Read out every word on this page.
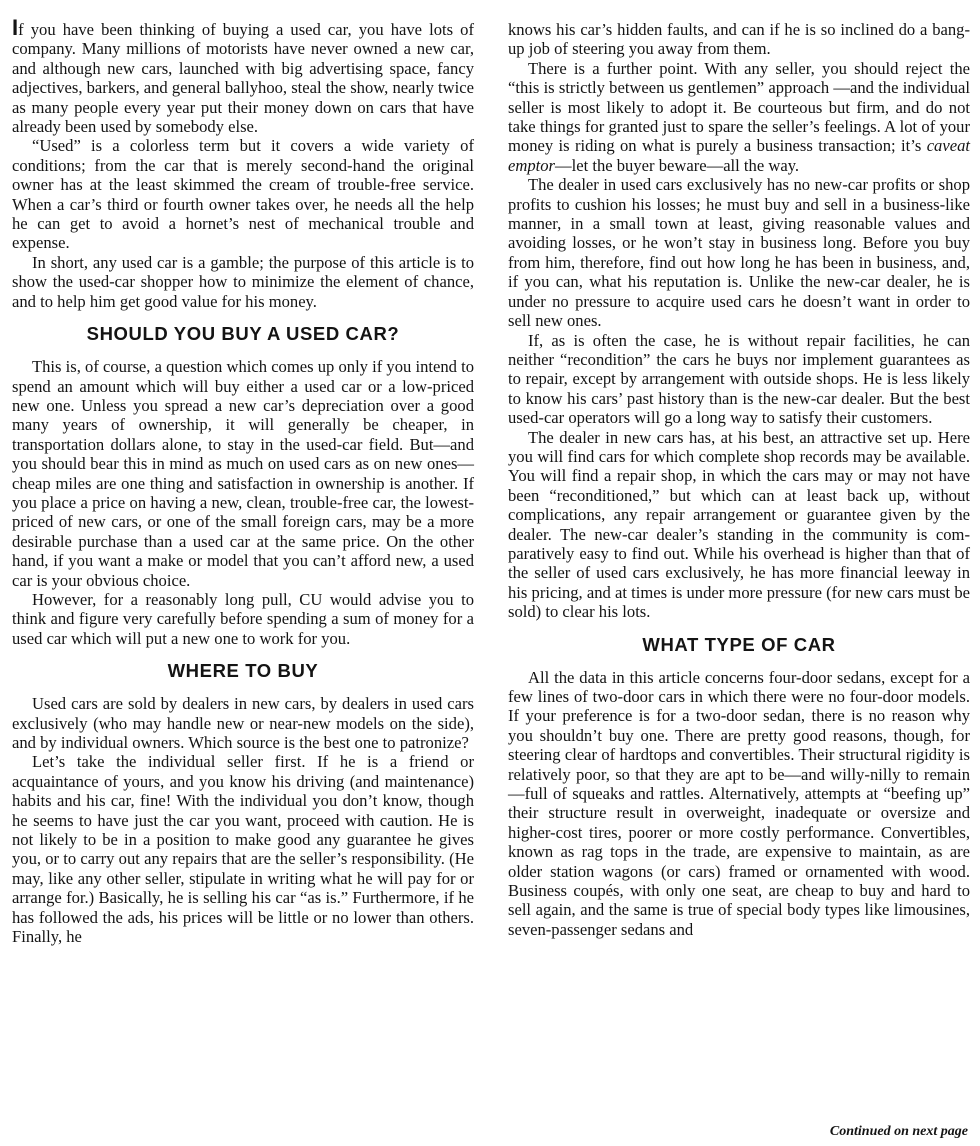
If you have been thinking of buying a used car, you have lots of company. Many millions of motorists have never owned a new car, and although new cars, launched with big advertising space, fancy adjectives, barkers, and general ballyhoo, steal the show, nearly twice as many people every year put their money down on cars that have already been used by somebody else.

“Used” is a colorless term but it covers a wide variety of conditions; from the car that is merely second-hand the original owner has at the least skimmed the cream of trouble-free service. When a car’s third or fourth owner takes over, he needs all the help he can get to avoid a hornet’s nest of mechanical trouble and expense.

In short, any used car is a gamble; the purpose of this article is to show the used-car shopper how to minimize the element of chance, and to help him get good value for his money.

SHOULD YOU BUY A USED CAR?

This is, of course, a question which comes up only if you intend to spend an amount which will buy either a used car or a low-priced new one. Unless you spread a new car’s depreciation over a good many years of ownership, it will generally be cheaper, in transportation dollars alone, to stay in the used-car field. But—and you should bear this in mind as much on used cars as on new ones—cheap miles are one thing and satisfaction in ownership is another. If you place a price on having a new, clean, trouble-free car, the lowest-priced of new cars, or one of the small foreign cars, may be a more desirable purchase than a used car at the same price. On the other hand, if you want a make or model that you can’t afford new, a used car is your obvious choice.

However, for a reasonably long pull, CU would advise you to think and figure very carefully before spending a sum of money for a used car which will put a new one to work for you.

WHERE TO BUY

Used cars are sold by dealers in new cars, by dealers in used cars exclusively (who may handle new or near-new models on the side), and by individual owners. Which source is the best one to patronize?

Let’s take the individual seller first. If he is a friend or acquaintance of yours, and you know his driving (and maintenance) habits and his car, fine! With the individual you don’t know, though he seems to have just the car you want, proceed with caution. He is not likely to be in a position to make good any guarantee he gives you, or to carry out any repairs that are the seller’s responsibility. (He may, like any other seller, stipulate in writing what he will pay for or arrange for.) Basically, he is selling his car “as is.” Furthermore, if he has followed the ads, his prices will be little or no lower than others. Finally, he

knows his car’s hidden faults, and can if he is so inclined do a bang-up job of steering you away from them.

There is a further point. With any seller, you should reject the “this is strictly between us gentlemen” approach —and the individual seller is most likely to adopt it. Be courteous but firm, and do not take things for granted just to spare the seller’s feelings. A lot of your money is riding on what is purely a business transaction; it’s caveat emptor—let the buyer beware—all the way.

The dealer in used cars exclusively has no new-car profits or shop profits to cushion his losses; he must buy and sell in a business-like manner, in a small town at least, giving reasonable values and avoiding losses, or he won’t stay in business long. Before you buy from him, therefore, find out how long he has been in business, and, if you can, what his reputation is. Unlike the new-car dealer, he is under no pressure to acquire used cars he doesn’t want in order to sell new ones.

If, as is often the case, he is without repair facilities, he can neither “recondition” the cars he buys nor implement guarantees as to repair, except by arrangement with outside shops. He is less likely to know his cars’ past history than is the new-car dealer. But the best used-car operators will go a long way to satisfy their customers.

The dealer in new cars has, at his best, an attractive set up. Here you will find cars for which complete shop records may be available. You will find a repair shop, in which the cars may or may not have been “reconditioned,” but which can at least back up, without complications, any repair arrangement or guarantee given by the dealer. The new-car dealer’s standing in the community is comparatively easy to find out. While his overhead is higher than that of the seller of used cars exclusively, he has more financial leeway in his pricing, and at times is under more pressure (for new cars must be sold) to clear his lots.

WHAT TYPE OF CAR

All the data in this article concerns four-door sedans, except for a few lines of two-door cars in which there were no four-door models. If your preference is for a two-door sedan, there is no reason why you shouldn’t buy one. There are pretty good reasons, though, for steering clear of hardtops and convertibles. Their structural rigidity is relatively poor, so that they are apt to be—and willy-nilly to remain—full of squeaks and rattles. Alternatively, attempts at “beefing up” their structure result in overweight, inadequate or oversize and higher-cost tires, poorer or more costly performance. Convertibles, known as rag tops in the trade, are expensive to maintain, as are older station wagons (or cars) framed or ornamented with wood. Business coupés, with only one seat, are cheap to buy and hard to sell again, and the same is true of special body types like limousines, seven-passenger sedans and

Continued on next page
